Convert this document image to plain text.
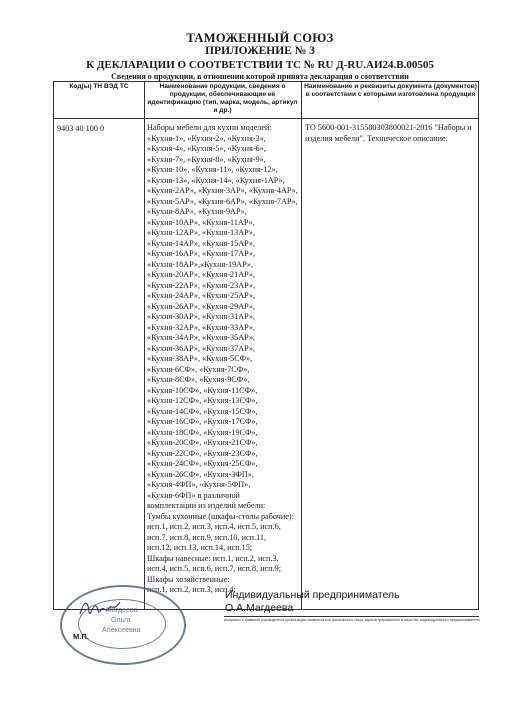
ТАМОЖЕННЫЙ СОЮЗ
ПРИЛОЖЕНИЕ № 3
К ДЕКЛАРАЦИИ О СООТВЕТСТВИИ ТС № RU Д-RU.АИ24.В.00505
Сведения о продукции, в отношении которой принята декларация о соответствии
Код(ы) ТН ВЭД ТС	Наименование продукции, сведения о продукции, обеспечивающие её идентификацию (тип, марка, модель, артикул и др.)
Наименование и реквизиты документа (документов) в соответствии с которыми изготовлена продукция
9403 40 100 0	Наборы мебели для кухни моделей:
«Кухня-1», «Кухня-2», «Кухня-3»,
«Кухня-4», «Кухня-5», «Кухня-6»,
«Кухня-7», «Кухня-8», «Кухня-9»,
«Кухня-10», «Кухня-11», «Кухня-12»,
«Кухня-13», «Кухня-14», «Кухня-1АР»,
«Кухня-2АР», «Кухня-3АР», «Кухня-4АР»,
«Кухня-5АР», «Кухня-6АР», «Кухня-7АР»,
«Кухня-8АР», «Кухня-9АР»,
«Кухня-10АР», «Кухня-11АР»,
«Кухня-12АР», «Кухня-13АР»,
«Кухня-14АР», «Кухня-15АР»,
«Кухня-16АР», «Кухня-17АР»,
«Кухня-18АР»,«Кухня-19АР»,
«Кухня-20АР», «Кухня-21АР»,
«Кухня-22АР», «Кухня-23АР»,
«Кухня-24АР», «Кухня-25АР»,
«Кухня-26АР», «Кухня-29АР»,
«Кухня-30АР», «Кухня-31АР»,
«Кухня-32АР», «Кухня-33АР»,
«Кухня-34АР», «Кухня-35АР»,
«Кухня-36АР», «Кухня-37АР»,
«Кухня-38АР», «Кухня-5СФ»,
«Кухня-6СФ», «Кухня-7СФ»,
«Кухня-8СФ», «Кухня-9СФ»,
«Кухня-10СФ», «Кухня-11СФ»,
«Кухня-12СФ», «Кухня-13СФ»,
«Кухня-14СФ», «Кухня-15СФ»,
«Кухня-16СФ», «Кухня-17СФ»,
«Кухня-18СФ», «Кухня-19СФ»,
«Кухня-20СФ», «Кухня-21СФ»,
«Кухня-22СФ», «Кухня-23СФ»,
«Кухня-24СФ», «Кухня-25СФ»,
«Кухня-26СФ», «Кухня-3ФП»,
«Кухня-4ФП», «Кухня-5ФП»,
«Кухня-6ФП» в различной
комплектации из изделий мебели:
Тумбы кухонные (шкафы-столы рабочие):
исп.1, исп.2, исп.3, исп.4, исп.5, исп.6,
исп.7, исп.8, исп.9, исп.10, исп.11,
исп.12, исп.13, исп.14, исп.15;
Шкафы навесные: исп.1, исп.2, исп.3,
исп.4, исп.5, исп.6, исп.7, исп.8, исп.9;
Шкафы хозяйственные:
исп.1, исп.2, исп.3, исп.4;
ТО 5600-001-315580303800021-2016 "Наборы и изделия мебели". Техническое описание.
Магдеева
Ольга
Алексеевна
М.П.
Индивидуальный предприниматель
О.А.Магдеева
инициалы и фамилия руководителя организации-заявителя или физического лица, зарегистрированного в качестве индивидуального предпринимателя
